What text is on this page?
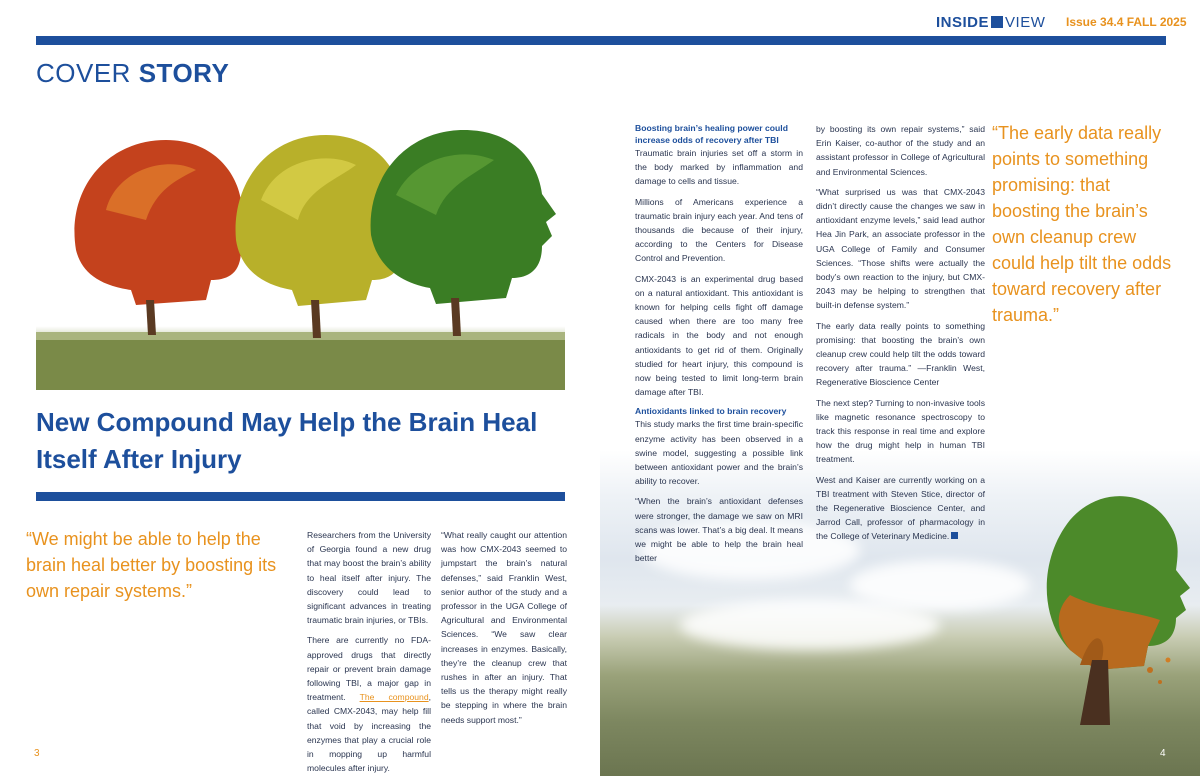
INSIDE VIEW Issue 34.4 FALL 2025
COVER STORY
New Compound May Help the Brain Heal Itself After Injury
“We might be able to help the brain heal better by boosting its own repair systems.”
“The early data really points to something promising: that boosting the brain’s own cleanup crew could help tilt the odds toward recovery after trauma.”

Researchers from the University of Georgia found a new drug that may boost the brain’s ability to heal itself after injury. The discovery could lead to significant advances in treating traumatic brain injuries, or TBIs.

There are currently no FDA-approved drugs that directly repair or prevent brain damage following TBI, a major gap in treatment. The compound, called CMX-2043, may help fill that void by increasing the enzymes that play a crucial role in mopping up harmful molecules after injury.

“What really caught our attention was how CMX-2043 seemed to jumpstart the brain’s natural defenses,” said Franklin West, senior author of the study and a professor in the UGA College of Agricultural and Environmental Sciences. “We saw clear increases in enzymes. Basically, they’re the cleanup crew that rushes in after an injury. That tells us the therapy might really be stepping in where the brain needs support most.”

Boosting brain’s healing power could increase odds of recovery after TBI

Traumatic brain injuries set off a storm in the body marked by inflammation and damage to cells and tissue.

Millions of Americans experience a traumatic brain injury each year. And tens of thousands die because of their injury, according to the Centers for Disease Control and Prevention.

CMX-2043 is an experimental drug based on a natural antioxidant. This antioxidant is known for helping cells fight off damage caused when there are too many free radicals in the body and not enough antioxidants to get rid of them. Originally studied for heart injury, this compound is now being tested to limit long-term brain damage after TBI.

Antioxidants linked to brain recovery

This study marks the first time brain-specific enzyme activity has been observed in a swine model, suggesting a possible link between antioxidant power and the brain’s ability to recover.

“When the brain’s antioxidant defenses were stronger, the damage we saw on MRI scans was lower. That’s a big deal. It means we might be able to help the brain heal better

by boosting its own repair systems,” said Erin Kaiser, co-author of the study and an assistant professor in College of Agricultural and Environmental Sciences.

“What surprised us was that CMX-2043 didn’t directly cause the changes we saw in antioxidant enzyme levels,” said lead author Hea Jin Park, an associate professor in the UGA College of Family and Consumer Sciences. “Those shifts were actually the body’s own reaction to the injury, but CMX-2043 may be helping to strengthen that built-in defense system.”

The early data really points to something promising: that boosting the brain’s own cleanup crew could help tilt the odds toward recovery after trauma.” —Franklin West, Regenerative Bioscience Center

The next step? Turning to non-invasive tools like magnetic resonance spectroscopy to track this response in real time and explore how the drug might help in human TBI treatment.

West and Kaiser are currently working on a TBI treatment with Steven Stice, director of the Regenerative Bioscience Center, and Jarrod Call, professor of pharmacology in the College of Veterinary Medicine.

3	4
